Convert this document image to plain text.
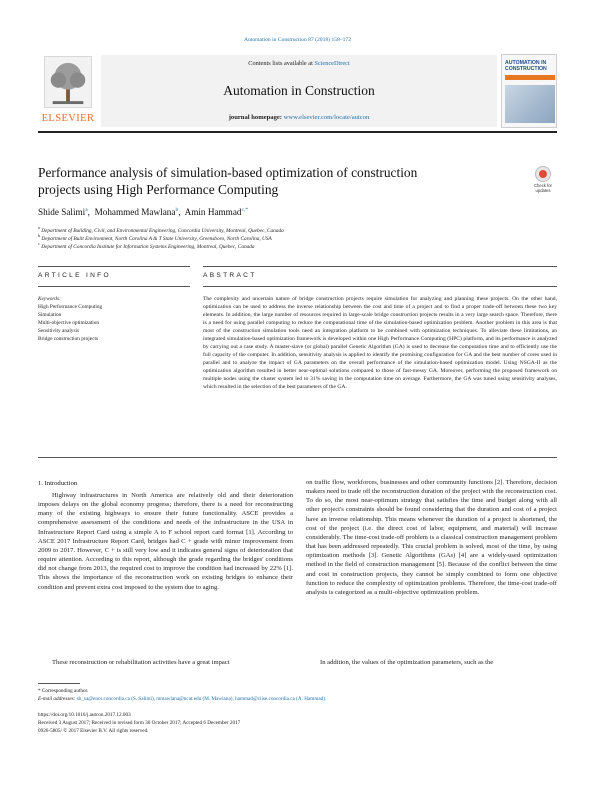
Automation in Construction 87 (2018) 158–172
ELSEVIER
Contents lists available at ScienceDirect
Automation in Construction
journal homepage: www.elsevier.com/locate/autcon
AUTOMATION IN CONSTRUCTION
Performance analysis of simulation-based optimization of construction
projects using High Performance Computing	Check for updates
Shide Salimi$^a$,  Mohammed Mawlana$^b$,  Amin Hammad$^{c,*}$
$^a$ Department of Building, Civil, and Environmental Engineering, Concordia University, Montreal, Quebec, Canada
$^b$ Department of Built Environment, North Carolina A & T State University, Greensboro, North Carolina, USA
$^c$ Department of Concordia Institute for Information Systems Engineering, Montreal, Quebec, Canada
ARTICLE INFO	ABSTRACT
Keywords:
High Performance Computing
Simulation
Multi-objective optimization
Sensitivity analysis
Bridge construction projects
The complexity and uncertain nature of bridge construction projects require simulation for analyzing and planning these projects. On the other hand, optimization can be used to address the inverse relationship between the cost and time of a project and to find a proper trade-off between these two key elements. In addition, the large number of resources required in large-scale bridge construction projects results in a very large search space. Therefore, there is a need for using parallel computing to reduce the computational time of the simulation-based optimization problem. Another problem in this area is that most of the construction simulation tools need an integration platform to be combined with optimization techniques. To alleviate these limitations, an integrated simulation-based optimization framework is developed within one High Performance Computing (HPC) platform, and its performance is analyzed by carrying out a case study. A master-slave (or global) parallel Genetic Algorithm (GA) is used to decrease the computation time and to efficiently use the full capacity of the computer. In addition, sensitivity analysis is applied to identify the promising configuration for GA and the best number of cores used in parallel and to analyze the impact of GA parameters on the overall performance of the simulation-based optimization model. Using NSGA-II as the optimization algorithm resulted in better near-optimal solutions compared to those of fast-messy GA. Moreover, performing the proposed framework on multiple nodes using the cluster system led to 31% saving in the computation time on average. Furthermore, the GA was tuned using sensitivity analyses, which resulted in the selection of the best parameters of the GA.
1. Introduction
Highway infrastructures in North America are relatively old and their deterioration imposes delays on the global economy progress; therefore, there is a need for reconstructing many of the existing highways to ensure their future functionality. ASCE provides a comprehensive assessment of the conditions and needs of the infrastructure in the USA in Infrastructure Report Card using a simple A to F school report card format [1]. According to ASCE 2017 Infrastructure Report Card, bridges had C + grade with minor improvement from 2009 to 2017. However, C + is still very low and it indicates general signs of deterioration that require attention. According to this report, although the grade regarding the bridges' conditions did not change from 2013, the required cost to improve the condition had increased by 22% [1]. This shows the importance of the reconstruction work on existing bridges to enhance their condition and prevent extra cost imposed to the system due to aging.
These reconstruction or rehabilitation activities have a great impact
on traffic flow, workforces, businesses and other community functions [2]. Therefore, decision makers need to trade off the reconstruction duration of the project with the reconstruction cost. To do so, the most near-optimum strategy that satisfies the time and budget along with all other project's constraints should be found considering that the duration and cost of a project have an inverse relationship. This means whenever the duration of a project is shortened, the cost of the project (i.e. the direct cost of labor, equipment, and material) will increase considerably. The time-cost trade-off problem is a classical construction management problem that has been addressed repeatedly. This crucial problem is solved, most of the time, by using optimization methods [3]. Genetic Algorithms (GAs) [4] are a widely-used optimization method in the field of construction management [5]. Because of the conflict between the time and cost in construction projects, they cannot be simply combined to form one objective function to reduce the complexity of optimization problems. Therefore, the time-cost trade-off analysis is categorized as a multi-objective optimization problem.
In addition, the values of the optimization parameters, such as the
* Corresponding author.
E-mail addresses: sh_sa@encs.concordia.ca (S. Salimi), mmawlana@ncat.edu (M. Mawlana), hammad@ciise.concordia.ca (A. Hammad).
https://doi.org/10.1016/j.autcon.2017.12.003
Received 3 August 2017; Received in revised form 30 October 2017; Accepted 6 December 2017
0926-5805/ © 2017 Elsevier B.V. All rights reserved.
